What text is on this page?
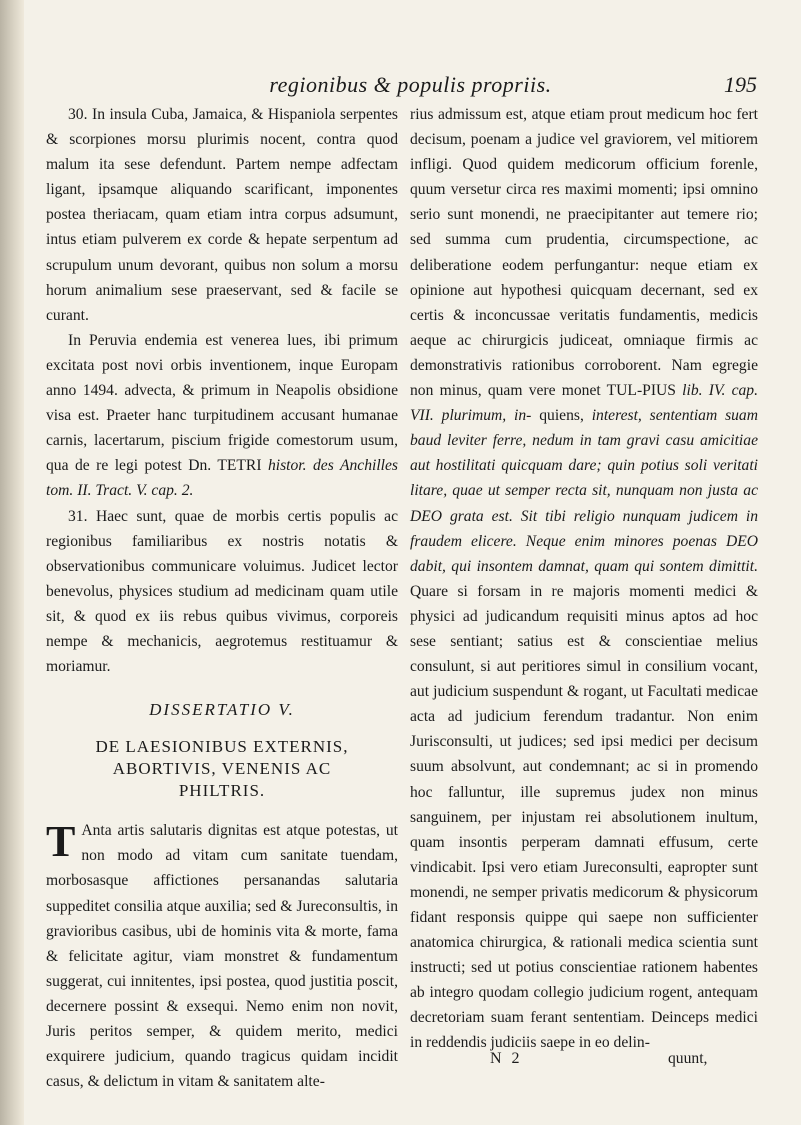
regionibus & populis propriis.	195

30. In insula Cuba, Jamaica, & Hispaniola serpentes & scorpiones morsu plurimis nocent, contra quod malum ita sese defendunt. Partem nempe adfectam ligant, ipsamque aliquando scarificant, imponentes postea theriacam, quam etiam intra corpus adsumunt, intus etiam pulverem ex corde & hepate serpentum ad scrupulum unum devorant, quibus non solum a morsu horum animalium sese praeservant, sed & facile se curant.

In Peruvia endemia est venerea lues, ibi primum excitata post novi orbis inventionem, inque Europam anno 1494. advecta, & primum in Neapolis obsidione visa est. Praeter hanc turpitudinem accusant humanae carnis, lacertarum, piscium frigide comestorum usum, qua de re legi potest Dn. TETRI histor. des Anchilles tom. II. Tract. V. cap. 2.

31. Haec sunt, quae de morbis certis populis ac regionibus familiaribus ex nostris notatis & observationibus communicare voluimus. Judicet lector benevolus, physices studium ad medicinam quam utile sit, & quod ex iis rebus quibus vivimus, corporeis nempe & mechanicis, aegrotemus restituamur & moriamur.

DISSERTATIO V.
DE LAESIONIBUS EXTERNIS,
ABORTIVIS, VENENIS AC
PHILTRIS.

T Anta artis salutaris dignitas est atque potestas, ut non modo ad vitam cum sanitate tuendam, morbosasque affictiones persanandas salutaria suppeditet consilia atque auxilia; sed & Jureconsultis, in gravioribus casibus, ubi de hominis vita & morte, fama & felicitate agitur, viam monstret & fundamentum suggerat, cui innitentes, ipsi postea, quod justitia poscit, decernere possint & exsequi. Nemo enim non novit, Juris peritos semper, & quidem merito, medici exquirere judicium, quando tragicus quidam incidit casus, & delictum in vitam & sanitatem alte-

rius admissum est, atque etiam prout medicum hoc fert decisum, poenam a judice vel graviorem, vel mitiorem infligi. Quod quidem medicorum officium forenle, quum versetur circa res maximi momenti; ipsi omnino serio sunt monendi, ne praecipitanter aut temere rio; sed summa cum prudentia, circumspectione, ac deliberatione eodem perfungantur: neque etiam ex opinione aut hypothesi quicquam decernant, sed ex certis & inconcussae veritatis fundamentis, medicis aeque ac chirurgicis judiceat, omniaque firmis ac demonstrativis rationibus corroborent. Nam egregie non minus, quam vere monet TUL-PIUS lib. IV. cap. VII. plurimum, in- quiens, interest, sententiam suam baud leviter ferre, nedum in tam gravi casu amicitiae aut hostilitati quicquam dare; quin potius soli veritati litare, quae ut semper recta sit, nunquam non justa ac DEO grata est. Sit tibi religio nunquam judicem in fraudem elicere. Neque enim minores poenas DEO dabit, qui insontem damnat, quam qui sontem dimittit. Quare si forsam in re majoris momenti medici & physici ad judicandum requisiti minus aptos ad hoc sese sentiant; satius est & conscientiae melius consulunt, si aut peritiores simul in consilium vocant, aut judicium suspendunt & rogant, ut Facultati medicae acta ad judicium ferendum tradantur. Non enim Jurisconsulti, ut judices; sed ipsi medici per decisum suum absolvunt, aut condemnant; ac si in promendo hoc falluntur, ille supremus judex non minus sanguinem, per injustam rei absolutionem inultum, quam insontis perperam damnati effusum, certe vindicabit. Ipsi vero etiam Jureconsulti, eapropter sunt monendi, ne semper privatis medicorum & physicorum fidant responsis quippe qui saepe non sufficienter anatomica chirurgica, & rationali medica scientia sunt instructi; sed ut potius conscientiae rationem habentes ab integro quodam collegio judicium rogent, antequam decretoriam suam ferant sententiam. Deinceps medici in reddendis judiciis saepe in eo delin-

N 2	quunt,
